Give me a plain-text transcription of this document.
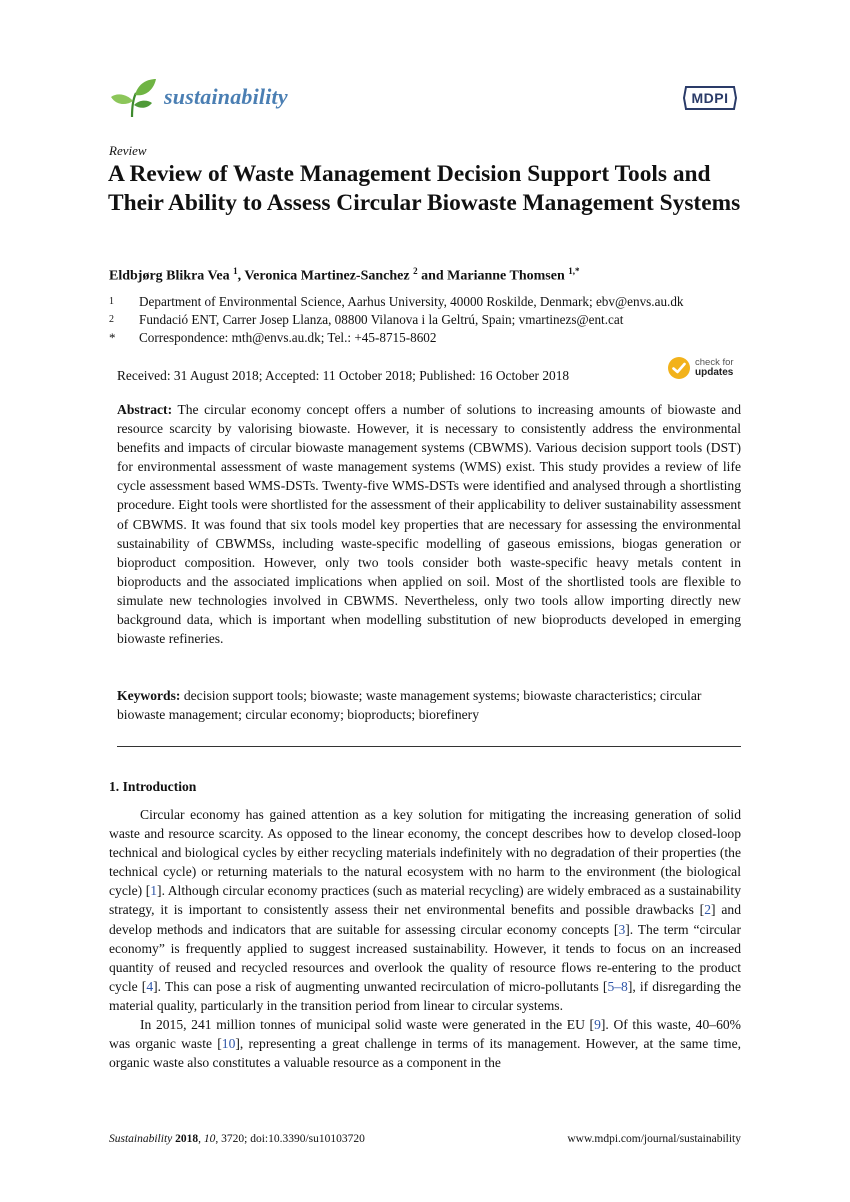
sustainability	MDPI
Review
A Review of Waste Management Decision Support Tools and Their Ability to Assess Circular Biowaste Management Systems
Eldbjørg Blikra Vea $^1$, Veronica Martinez-Sanchez $^2$ and Marianne Thomsen $^{1,*}$
1	Department of Environmental Science, Aarhus University, 40000 Roskilde, Denmark; ebv@envs.au.dk
2	Fundació ENT, Carrer Josep Llanza, 08800 Vilanova i la Geltrú, Spain; vmartinezs@ent.cat
*	Correspondence: mth@envs.au.dk; Tel.: +45-8715-8602
Received: 31 August 2018; Accepted: 11 October 2018; Published: 16 October 2018
check for
updates

Abstract: The circular economy concept offers a number of solutions to increasing amounts of biowaste and resource scarcity by valorising biowaste. However, it is necessary to consistently address the environmental benefits and impacts of circular biowaste management systems (CBWMS). Various decision support tools (DST) for environmental assessment of waste management systems (WMS) exist. This study provides a review of life cycle assessment based WMS-DSTs. Twenty-five WMS-DSTs were identified and analysed through a shortlisting procedure. Eight tools were shortlisted for the assessment of their applicability to deliver sustainability assessment of CBWMS. It was found that six tools model key properties that are necessary for assessing the environmental sustainability of CBWMSs, including waste-specific modelling of gaseous emissions, biogas generation or bioproduct composition. However, only two tools consider both waste-specific heavy metals content in bioproducts and the associated implications when applied on soil. Most of the shortlisted tools are flexible to simulate new technologies involved in CBWMS. Nevertheless, only two tools allow importing directly new background data, which is important when modelling substitution of new bioproducts developed in emerging biowaste refineries.

Keywords: decision support tools; biowaste; waste management systems; biowaste characteristics; circular biowaste management; circular economy; bioproducts; biorefinery

1. Introduction

Circular economy has gained attention as a key solution for mitigating the increasing generation of solid waste and resource scarcity. As opposed to the linear economy, the concept describes how to develop closed-loop technical and biological cycles by either recycling materials indefinitely with no degradation of their properties (the technical cycle) or returning materials to the natural ecosystem with no harm to the environment (the biological cycle) [1]. Although circular economy practices (such as material recycling) are widely embraced as a sustainability strategy, it is important to consistently assess their net environmental benefits and possible drawbacks [2] and develop methods and indicators that are suitable for assessing circular economy concepts [3]. The term “circular economy” is frequently applied to suggest increased sustainability. However, it tends to focus on an increased quantity of reused and recycled resources and overlook the quality of resource flows re-entering to the product cycle [4]. This can pose a risk of augmenting unwanted recirculation of micro-pollutants [5–8], if disregarding the material quality, particularly in the transition period from linear to circular systems.

In 2015, 241 million tonnes of municipal solid waste were generated in the EU [9]. Of this waste, 40–60% was organic waste [10], representing a great challenge in terms of its management. However, at the same time, organic waste also constitutes a valuable resource as a component in the

Sustainability 2018, 10, 3720; doi:10.3390/su10103720	www.mdpi.com/journal/sustainability
